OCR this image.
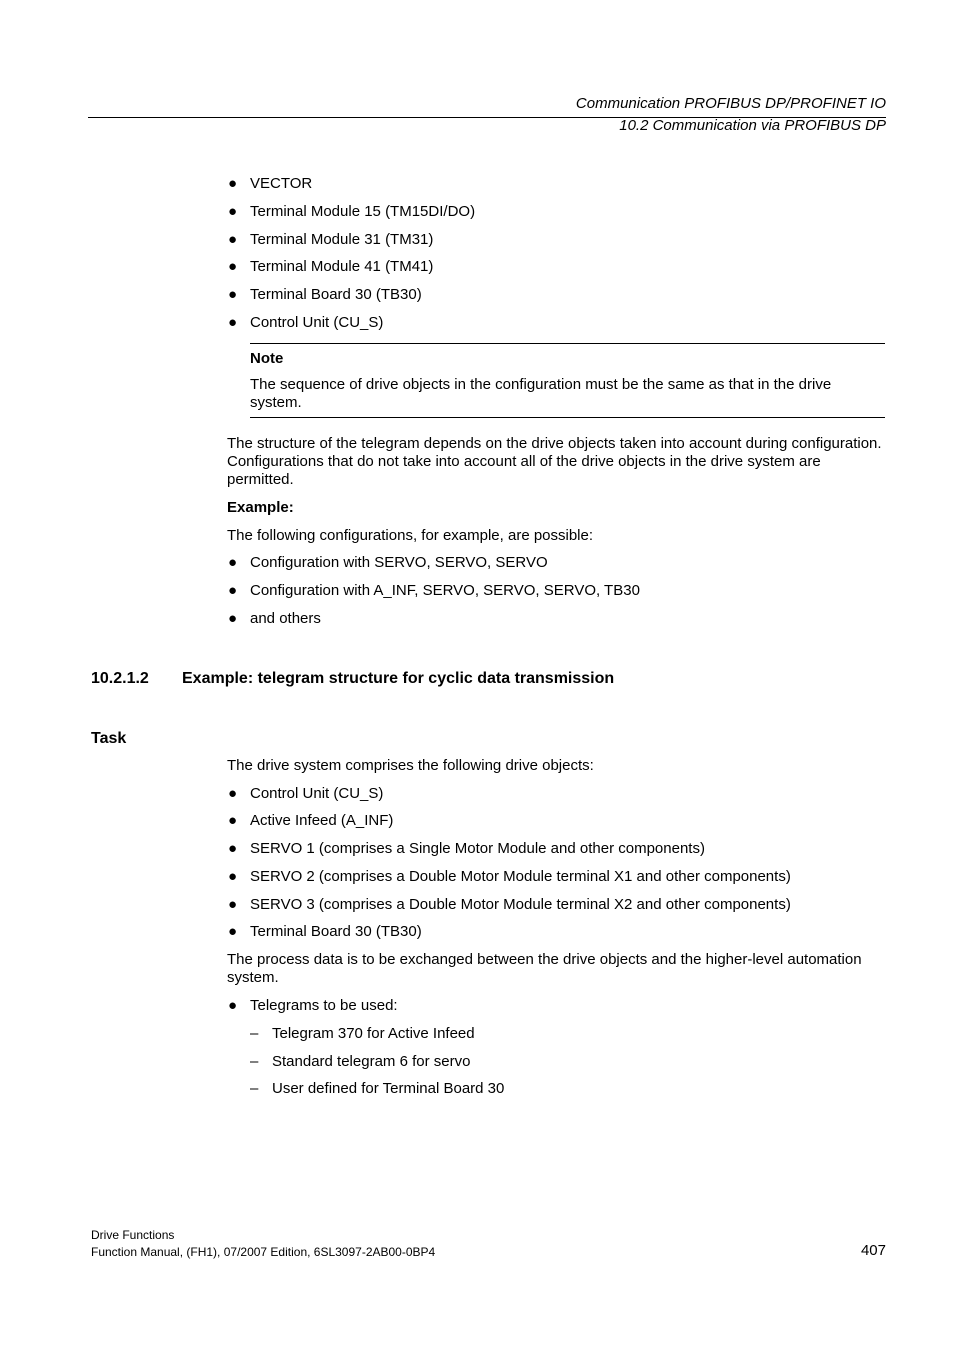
Communication PROFIBUS DP/PROFINET IO
10.2 Communication via PROFIBUS DP
● VECTOR
● Terminal Module 15 (TM15DI/DO)
● Terminal Module 31 (TM31)
● Terminal Module 41 (TM41)
● Terminal Board 30 (TB30)
● Control Unit (CU_S)
Note
The sequence of drive objects in the configuration must be the same as that in the drive system.
The structure of the telegram depends on the drive objects taken into account during configuration. Configurations that do not take into account all of the drive objects in the drive system are permitted.
Example:
The following configurations, for example, are possible:
● Configuration with SERVO, SERVO, SERVO
● Configuration with A_INF, SERVO, SERVO, SERVO, TB30
● and others
10.2.1.2 Example: telegram structure for cyclic data transmission
Task
The drive system comprises the following drive objects:
● Control Unit (CU_S)
● Active Infeed (A_INF)
● SERVO 1 (comprises a Single Motor Module and other components)
● SERVO 2 (comprises a Double Motor Module terminal X1 and other components)
● SERVO 3 (comprises a Double Motor Module terminal X2 and other components)
● Terminal Board 30 (TB30)
The process data is to be exchanged between the drive objects and the higher-level automation system.
● Telegrams to be used:
– Telegram 370 for Active Infeed
– Standard telegram 6 for servo
– User defined for Terminal Board 30
Drive Functions
Function Manual, (FH1), 07/2007 Edition, 6SL3097-2AB00-0BP4	407
